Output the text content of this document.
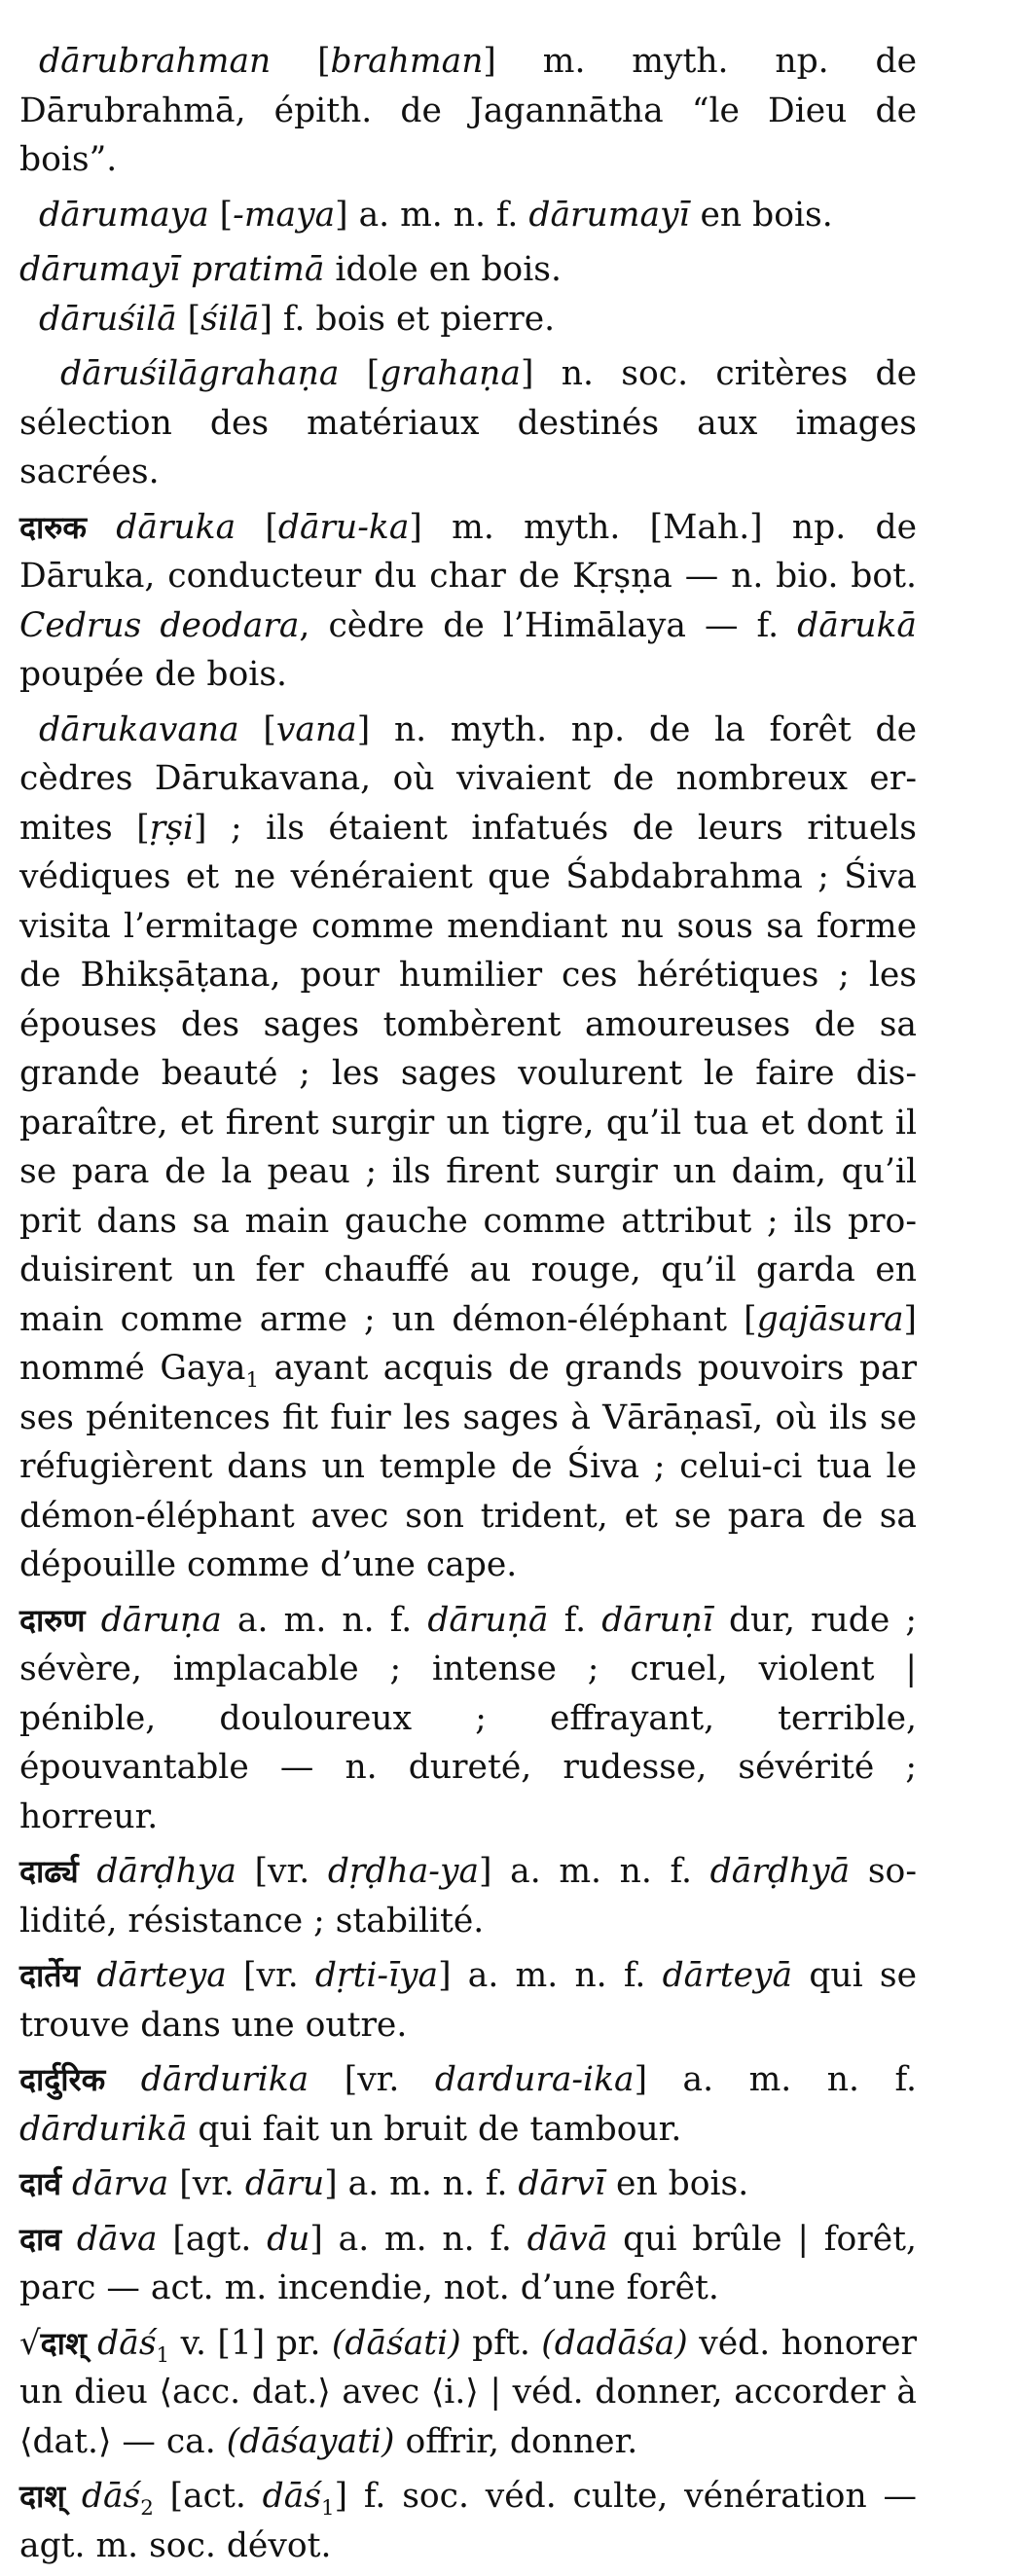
dārubrahman [brahman] m. myth. np. de Dārubrahmā, épith. de Jagannātha “le Dieu de bois”.

dārumaya [-maya] a. m. n. f. dārumayī en bois.

dārumayī pratimā idole en bois.

dāruśilā [śilā] f. bois et pierre.

dāruśilāgrahaṇa [grahaṇa] n. soc. critères de sélection des matériaux destinés aux images sacrées.

दारुक dāruka [dāru-ka] m. myth. [Mah.] np. de Dāruka, conducteur du char de Kṛṣṇa — n. bio. bot. Cedrus deodara, cèdre de l’Himālaya — f. dārukā poupée de bois.

dārukavana [vana] n. myth. np. de la forêt de cèdres Dārukavana, où vivaient de nombreux ermites [ṛṣi] ; ils étaient infatués de leurs rituels védiques et ne vénéraient que Śabdabrahma ; Śiva visita l’ermitage comme mendiant nu sous sa forme de Bhikṣāṭana, pour humilier ces hérétiques ; les épouses des sages tombèrent amoureuses de sa grande beauté ; les sages voulurent le faire disparaître, et firent surgir un tigre, qu’il tua et dont il se para de la peau ; ils firent surgir un daim, qu’il prit dans sa main gauche comme attribut ; ils produisirent un fer chauffé au rouge, qu’il garda en main comme arme ; un démon-éléphant [gajāsura] nommé Gaya$_1$ ayant acquis de grands pouvoirs par ses pénitences fit fuir les sages à Vārāṇasī, où ils se réfugièrent dans un temple de Śiva ; celui-ci tua le démon-éléphant avec son trident, et se para de sa dépouille comme d’une cape.

दारुण dāruṇa a. m. n. f. dāruṇā f. dāruṇī dur, rude ; sévère, implacable ; intense ; cruel, violent | pénible, douloureux ; effrayant, terrible, épouvantable — n. dureté, rudesse, sévérité ; horreur.

दार्ढ्य dārḍhya [vr. dṛḍha-ya] a. m. n. f. dārḍhyā solidité, résistance ; stabilité.

दार्तेय dārteya [vr. dṛti-īya] a. m. n. f. dārteyā qui se trouve dans une outre.

दार्दुरिक dārdurika [vr. dardura-ika] a. m. n. f. dārdurikā qui fait un bruit de tambour.

दार्व dārva [vr. dāru] a. m. n. f. dārvī en bois.

दाव dāva [agt. du] a. m. n. f. dāvā qui brûle | forêt, parc — act. m. incendie, not. d’une forêt.

√दाश् dāś$_1$ v. [1] pr. (dāśati) pft. (dadāśa) véd. honorer un dieu ⟨acc. dat.⟩ avec ⟨i.⟩ | véd. donner, accorder à ⟨dat.⟩ — ca. (dāśayati) offrir, donner.

दाश् dāś$_2$ [act. dāś$_1$] f. soc. véd. culte, vénération — agt. m. soc. dévot.
